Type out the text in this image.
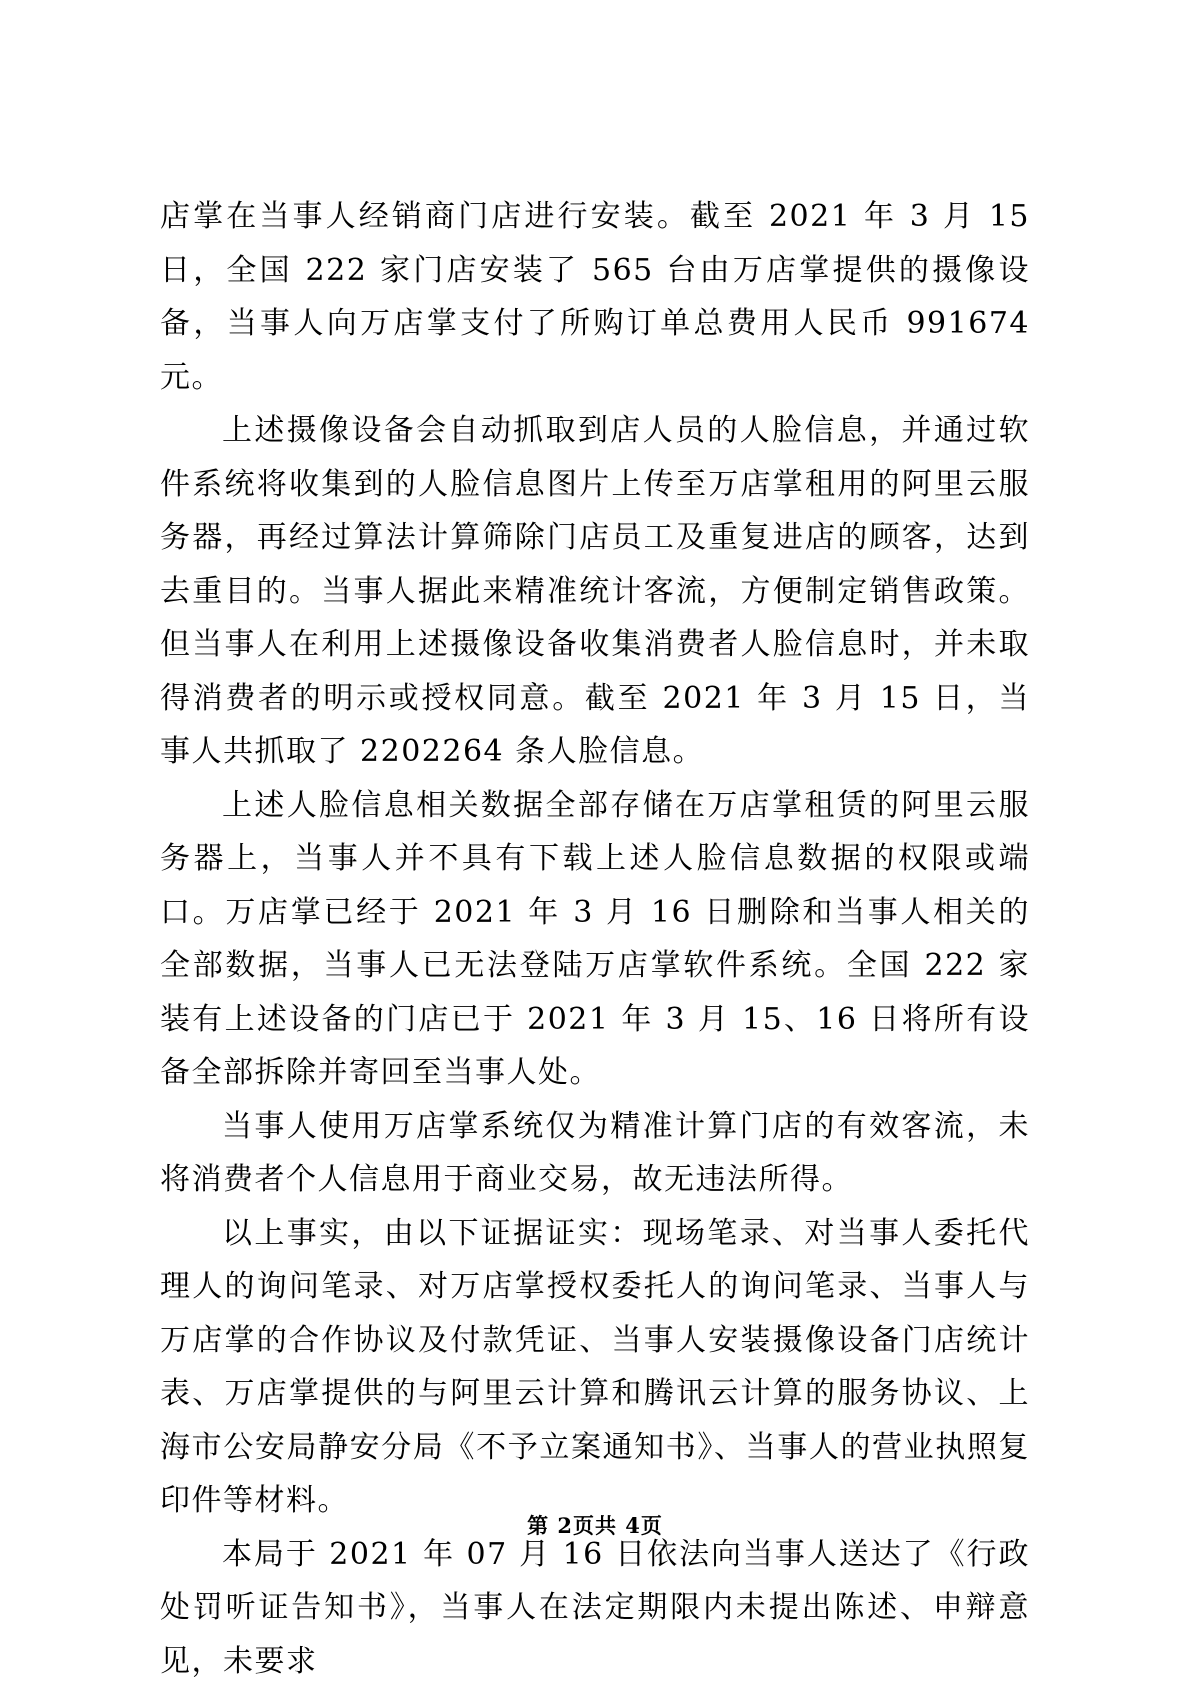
店掌在当事人经销商门店进行安装。截至 2021 年 3 月 15 日，全国 222 家门店安装了 565 台由万店掌提供的摄像设备，当事人向万店掌支付了所购订单总费用人民币 991674 元。

上述摄像设备会自动抓取到店人员的人脸信息，并通过软件系统将收集到的人脸信息图片上传至万店掌租用的阿里云服务器，再经过算法计算筛除门店员工及重复进店的顾客，达到去重目的。当事人据此来精准统计客流，方便制定销售政策。但当事人在利用上述摄像设备收集消费者人脸信息时，并未取得消费者的明示或授权同意。截至 2021 年 3 月 15 日，当事人共抓取了 2202264 条人脸信息。

上述人脸信息相关数据全部存储在万店掌租赁的阿里云服务器上，当事人并不具有下载上述人脸信息数据的权限或端口。万店掌已经于 2021 年 3 月 16 日删除和当事人相关的全部数据，当事人已无法登陆万店掌软件系统。全国 222 家装有上述设备的门店已于 2021 年 3 月 15、16 日将所有设备全部拆除并寄回至当事人处。

当事人使用万店掌系统仅为精准计算门店的有效客流，未将消费者个人信息用于商业交易，故无违法所得。

以上事实，由以下证据证实：现场笔录、对当事人委托代理人的询问笔录、对万店掌授权委托人的询问笔录、当事人与万店掌的合作协议及付款凭证、当事人安装摄像设备门店统计表、万店掌提供的与阿里云计算和腾讯云计算的服务协议、上海市公安局静安分局《不予立案通知书》、当事人的营业执照复印件等材料。

本局于 2021 年 07 月 16 日依法向当事人送达了《行政处罚听证告知书》，当事人在法定期限内未提出陈述、申辩意见，未要求

第 2页共 4页
